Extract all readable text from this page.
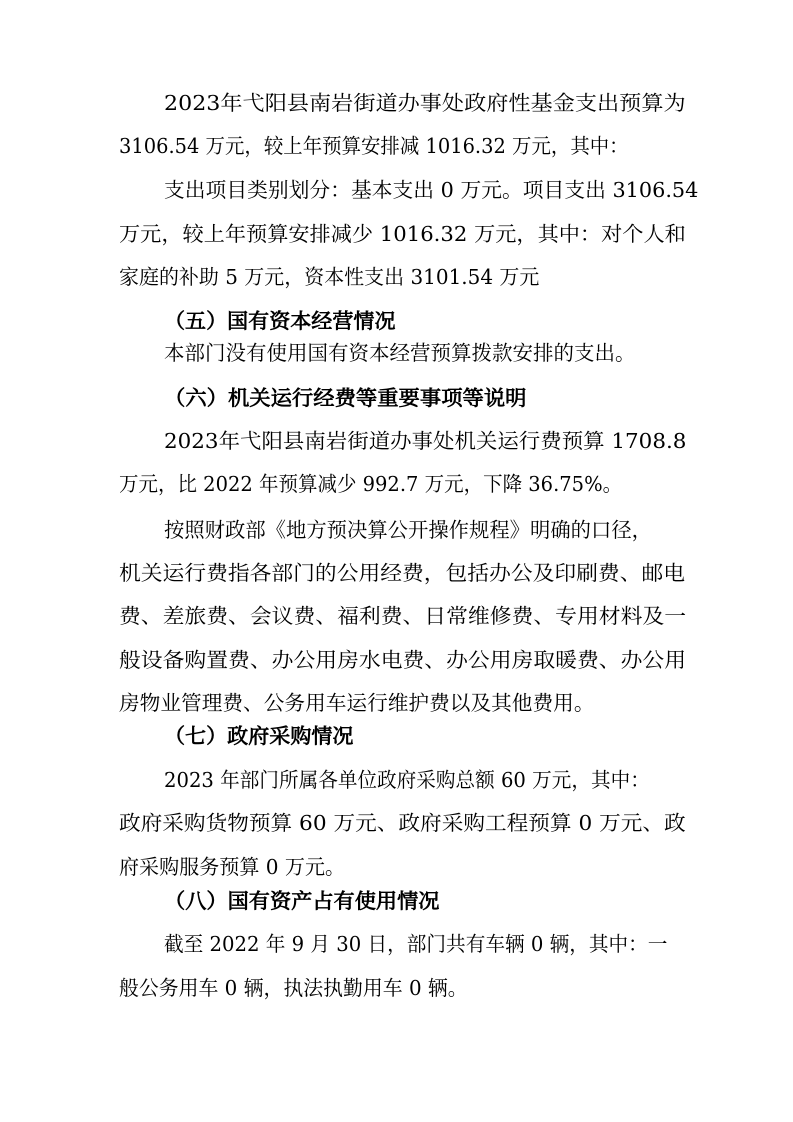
2023年弋阳县南岩街道办事处政府性基金支出预算为
3106.54 万元，较上年预算安排减 1016.32 万元，其中：
支出项目类别划分：基本支出 0 万元。项目支出 3106.54
万元，较上年预算安排减少 1016.32 万元，其中：对个人和
家庭的补助 5 万元，资本性支出 3101.54 万元
（五）国有资本经营情况
本部门没有使用国有资本经营预算拨款安排的支出。
（六）机关运行经费等重要事项等说明
2023年弋阳县南岩街道办事处机关运行费预算 1708.8
万元，比 2022 年预算减少 992.7 万元，下降 36.75%。
按照财政部《地方预决算公开操作规程》明确的口径，
机关运行费指各部门的公用经费，包括办公及印刷费、邮电
费、差旅费、会议费、福利费、日常维修费、专用材料及一
般设备购置费、办公用房水电费、办公用房取暖费、办公用
房物业管理费、公务用车运行维护费以及其他费用。
（七）政府采购情况
2023 年部门所属各单位政府采购总额 60 万元，其中：
政府采购货物预算 60 万元、政府采购工程预算 0 万元、政
府采购服务预算 0 万元。
（八）国有资产占有使用情况
截至 2022 年 9 月 30 日，部门共有车辆 0 辆，其中：一
般公务用车 0 辆，执法执勤用车 0 辆。
